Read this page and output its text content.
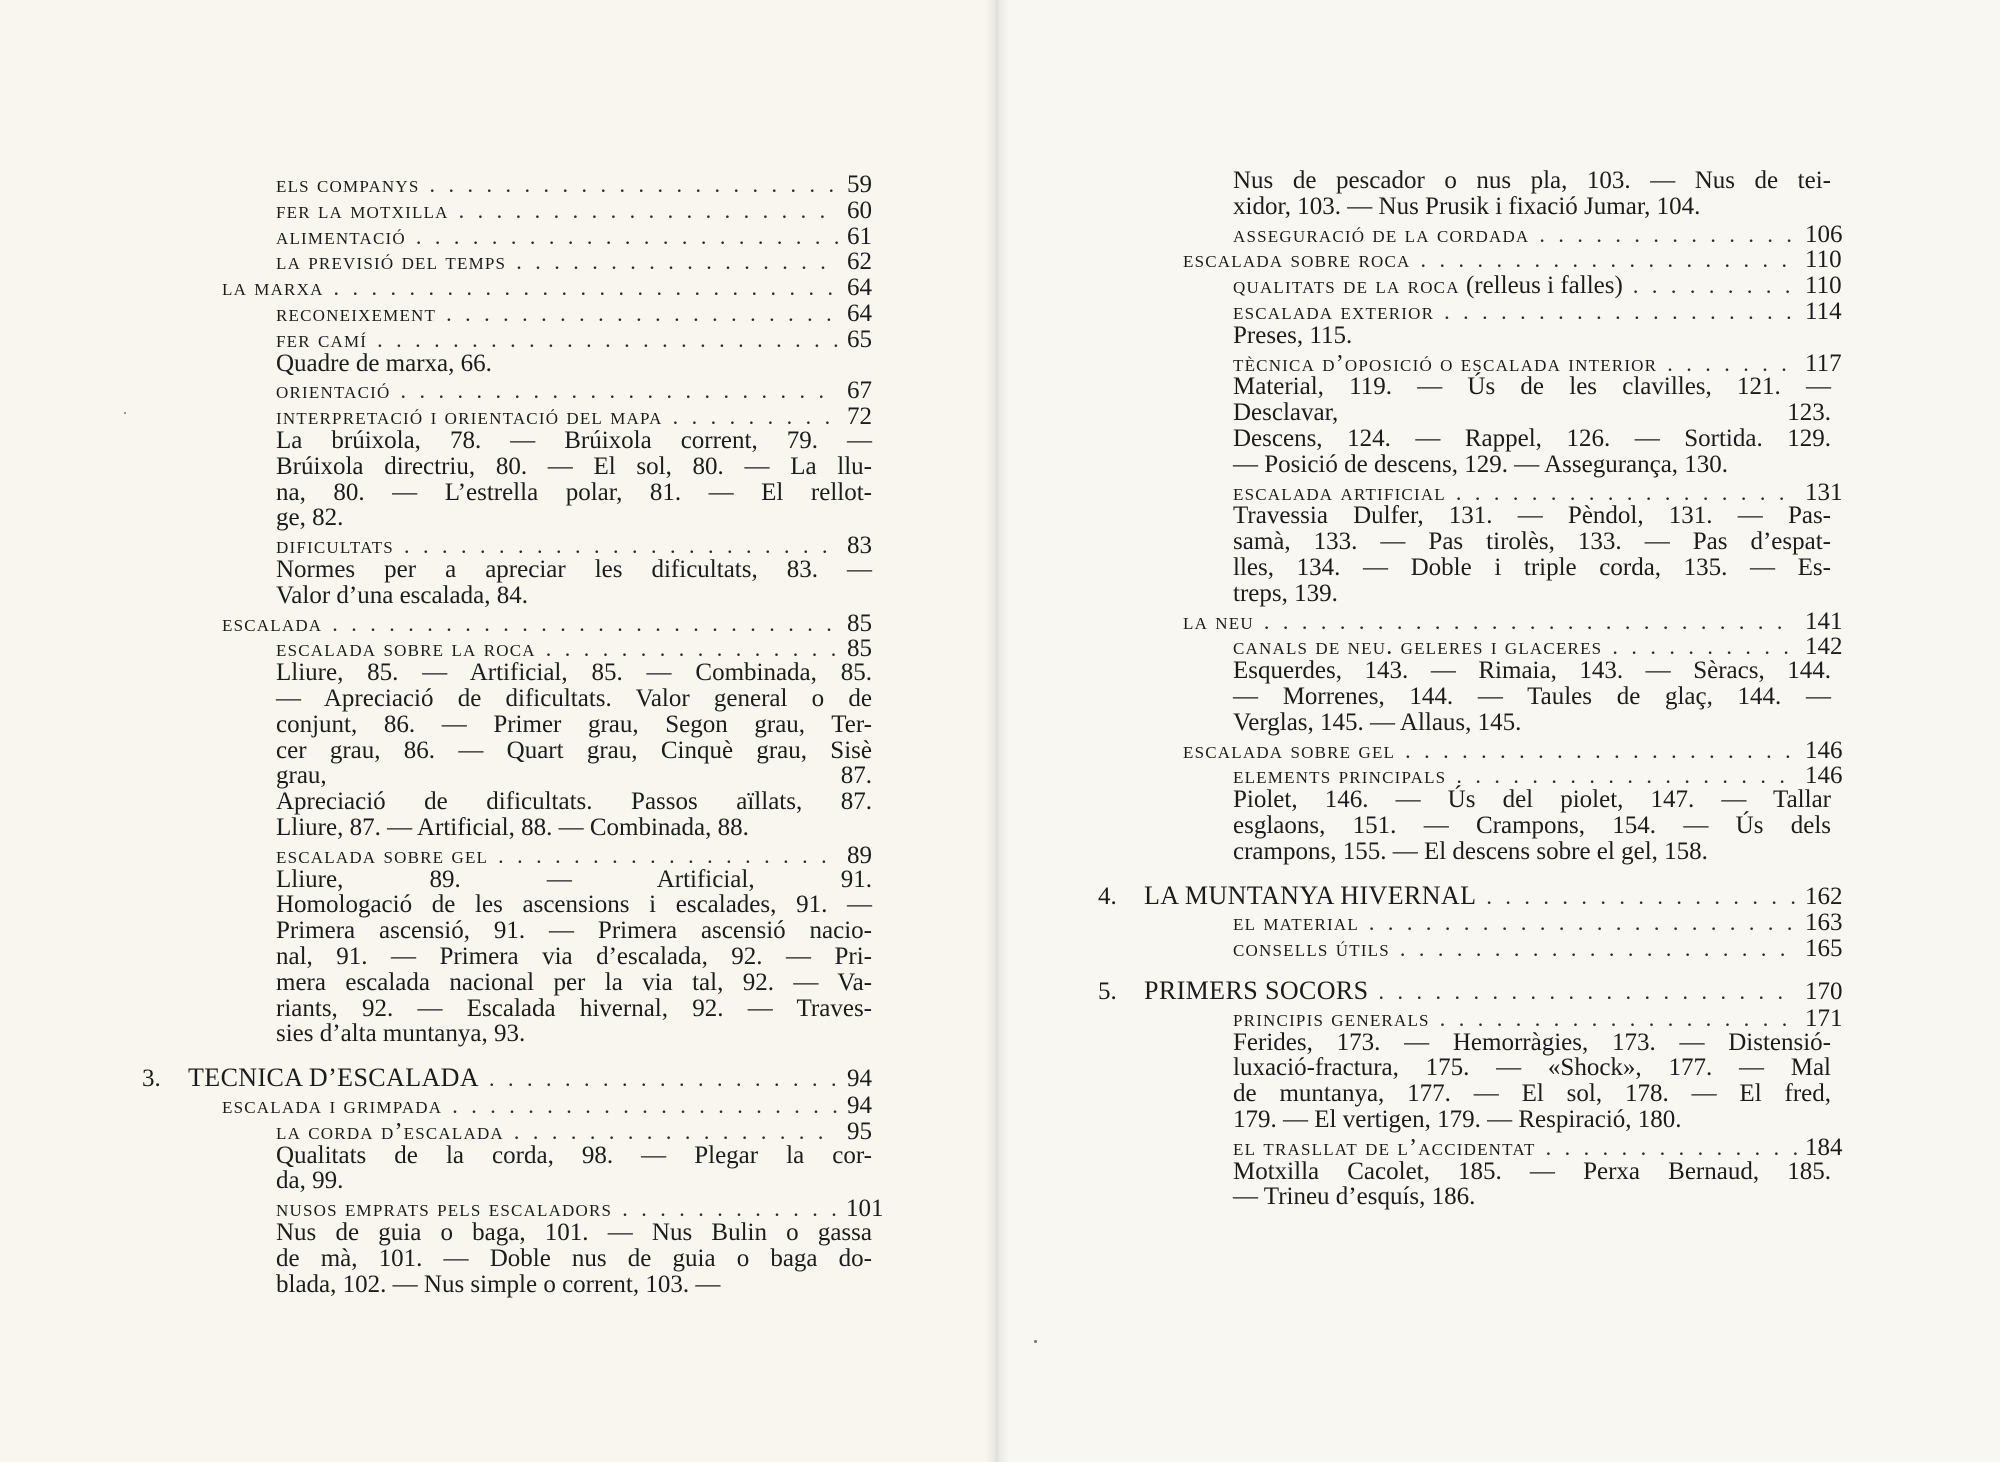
els companys . . .	59
fer la motxilla . . .	60
alimentació . . .	61
la previsió del temps . . .	62
la marxa . . .	64
reconeixement . . .	64
fer camí . . .	65
Quadre de marxa, 66.
orientació . . .	67
interpretació i orientació del mapa . . .	72
La brúixola, 78. — Brúixola corrent, 79. —
Brúixola directriu, 80. — El sol, 80. — La llu-
na, 80. — L’estrella polar, 81. — El rellot-
ge, 82.
dificultats . . .	83
Normes per a apreciar les dificultats, 83. —
Valor d’una escalada, 84.
escalada . . .	85
escalada sobre la roca . . .	85
Lliure, 85. — Artificial, 85. — Combinada, 85.
— Apreciació de dificultats. Valor general o de
conjunt, 86. — Primer grau, Segon grau, Ter-
cer grau, 86. — Quart grau, Cinquè grau, Sisè
grau, 87.
Apreciació de dificultats. Passos aïllats, 87.
Lliure, 87. — Artificial, 88. — Combinada, 88.
escalada sobre gel . . .	89
Lliure, 89. — Artificial, 91.
Homologació de les ascensions i escalades, 91. —
Primera ascensió, 91. — Primera ascensió nacio-
nal, 91. — Primera via d’escalada, 92. — Pri-
mera escalada nacional per la via tal, 92. — Va-
riants, 92. — Escalada hivernal, 92. — Traves-
sies d’alta muntanya, 93.
3. TECNICA D’ESCALADA . . .	94
escalada i grimpada . . .	94
la corda d’escalada . . .	95
Qualitats de la corda, 98. — Plegar la cor-
da, 99.
nusos emprats pels escaladors . . .	101
Nus de guia o baga, 101. — Nus Bulin o gassa
de mà, 101. — Doble nus de guia o baga do-
blada, 102. — Nus simple o corrent, 103. —
Nus de pescador o nus pla, 103. — Nus de tei-
xidor, 103. — Nus Prusik i fixació Jumar, 104.
asseguració de la cordada . . .	106
escalada sobre roca . . .	110
qualitats de la roca (relleus i falles) . . .	110
escalada exterior . . .	114
Preses, 115.
tècnica d’oposició o escalada interior . . .	117
Material, 119. — Ús de les clavilles, 121. —
Desclavar, 123.
Descens, 124. — Rappel, 126. — Sortida. 129.
— Posició de descens, 129. — Assegurança, 130.
escalada artificial . . .	131
Travessia Dulfer, 131. — Pèndol, 131. — Pas-
samà, 133. — Pas tirolès, 133. — Pas d’espat-
lles, 134. — Doble i triple corda, 135. — Es-
treps, 139.
la neu . . .	141
canals de neu. geleres i glaceres . . .	142
Esquerdes, 143. — Rimaia, 143. — Sèracs, 144.
— Morrenes, 144. — Taules de glaç, 144. —
Verglas, 145. — Allaus, 145.
escalada sobre gel . . .	146
elements principals . . .	146
Piolet, 146. — Ús del piolet, 147. — Tallar
esglaons, 151. — Crampons, 154. — Ús dels
crampons, 155. — El descens sobre el gel, 158.
4. LA MUNTANYA HIVERNAL . . .	162
el material . . .	163
consells útils . . .	165
5. PRIMERS SOCORS . . .	170
principis generals . . .	171
Ferides, 173. — Hemorràgies, 173. — Distensió-
luxació-fractura, 175. — «Shock», 177. — Mal
de muntanya, 177. — El sol, 178. — El fred,
179. — El vertigen, 179. — Respiració, 180.
el trasllat de l’accidentat . . .	184
Motxilla Cacolet, 185. — Perxa Bernaud, 185.
— Trineu d’esquís, 186.
